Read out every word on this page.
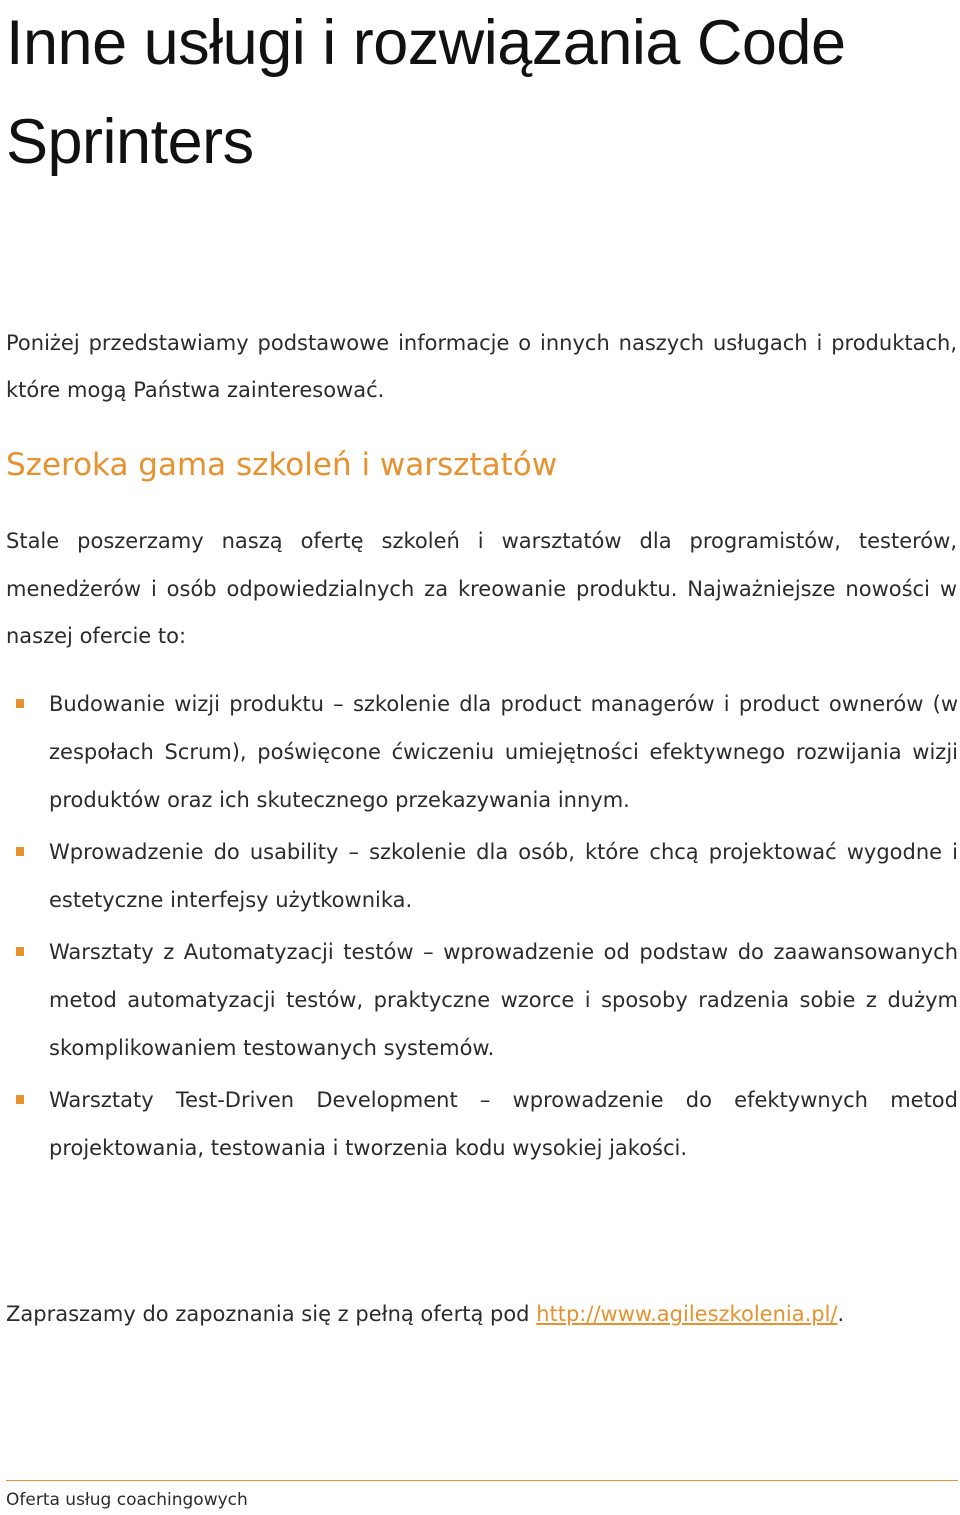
Inne usługi i rozwiązania Code Sprinters

Poniżej przedstawiamy podstawowe informacje o innych naszych usługach i produktach, które mogą Państwa zainteresować.

Szeroka gama szkoleń i warsztatów

Stale poszerzamy naszą ofertę szkoleń i warsztatów dla programistów, testerów, menedżerów i osób odpowiedzialnych za kreowanie produktu. Najważniejsze nowości w naszej ofercie to:

Budowanie wizji produktu – szkolenie dla product managerów i product ownerów (w zespołach Scrum), poświęcone ćwiczeniu umiejętności efektywnego rozwijania wizji produktów oraz ich skutecznego przekazywania innym.
Wprowadzenie do usability – szkolenie dla osób, które chcą projektować wygodne i estetyczne interfejsy użytkownika.
Warsztaty z Automatyzacji testów – wprowadzenie od podstaw do zaawansowanych metod automatyzacji testów, praktyczne wzorce i sposoby radzenia sobie z dużym skomplikowaniem testowanych systemów.
Warsztaty Test-Driven Development – wprowadzenie do efektywnych metod projektowania, testowania i tworzenia kodu wysokiej jakości.

Zapraszamy do zapoznania się z pełną ofertą pod http://www.agileszkolenia.pl/.

Oferta usług coachingowych
